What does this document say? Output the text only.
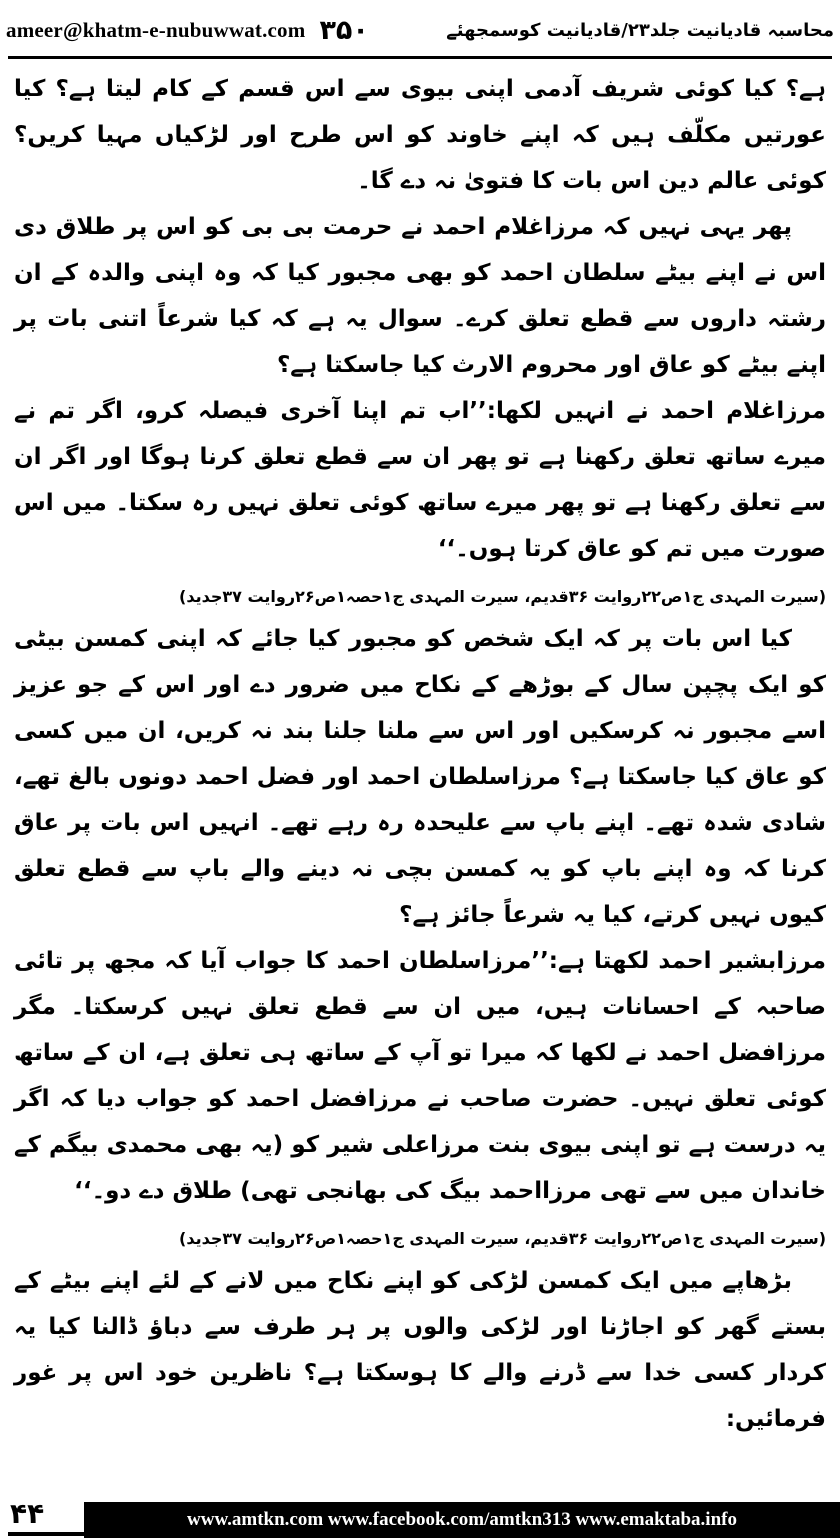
ameer@khatm-e-nubuwwat.com ۳۵۰	محاسبہ قادیانیت جلد۲۳/قادیانیت کوسمجھئے

ہے؟ کیا کوئی شریف آدمی اپنی بیوی سے اس قسم کے کام لیتا ہے؟ کیا عورتیں مکلّف ہیں کہ اپنے خاوند کو اس طرح اور لڑکیاں مہیا کریں؟ کوئی عالم دین اس بات کا فتویٰ نہ دے گا۔

پھر یہی نہیں کہ مرزاغلام احمد نے حرمت بی بی کو اس پر طلاق دی اس نے اپنے بیٹے سلطان احمد کو بھی مجبور کیا کہ وہ اپنی والدہ کے ان رشتہ داروں سے قطع تعلق کرے۔ سوال یہ ہے کہ کیا شرعاً اتنی بات پر اپنے بیٹے کو عاق اور محروم الارث کیا جاسکتا ہے؟

مرزاغلام احمد نے انہیں لکھا:’’اب تم اپنا آخری فیصلہ کرو، اگر تم نے میرے ساتھ تعلق رکھنا ہے تو پھر ان سے قطع تعلق کرنا ہوگا اور اگر ان سے تعلق رکھنا ہے تو پھر میرے ساتھ کوئی تعلق نہیں رہ سکتا۔ میں اس صورت میں تم کو عاق کرتا ہوں۔‘‘

(سیرت المہدی ج۱ص۲۲روایت ۳۶قدیم، سیرت المہدی ج۱حصہ۱ص۲۶روایت ۳۷جدید)

کیا اس بات پر کہ ایک شخص کو مجبور کیا جائے کہ اپنی کمسن بیٹی کو ایک پچپن سال کے بوڑھے کے نکاح میں ضرور دے اور اس کے جو عزیز اسے مجبور نہ کرسکیں اور اس سے ملنا جلنا بند نہ کریں، ان میں کسی کو عاق کیا جاسکتا ہے؟ مرزاسلطان احمد اور فضل احمد دونوں بالغ تھے، شادی شدہ تھے۔ اپنے باپ سے علیحدہ رہ رہے تھے۔ انہیں اس بات پر عاق کرنا کہ وہ اپنے باپ کو یہ کمسن بچی نہ دینے والے باپ سے قطع تعلق کیوں نہیں کرتے، کیا یہ شرعاً جائز ہے؟

مرزابشیر احمد لکھتا ہے:’’مرزاسلطان احمد کا جواب آیا کہ مجھ پر تائی صاحبہ کے احسانات ہیں، میں ان سے قطع تعلق نہیں کرسکتا۔ مگر مرزافضل احمد نے لکھا کہ میرا تو آپ کے ساتھ ہی تعلق ہے، ان کے ساتھ کوئی تعلق نہیں۔ حضرت صاحب نے مرزافضل احمد کو جواب دیا کہ اگر یہ درست ہے تو اپنی بیوی بنت مرزاعلی شیر کو (یہ بھی محمدی بیگم کے خاندان میں سے تھی مرزااحمد بیگ کی بھانجی تھی) طلاق دے دو۔‘‘

(سیرت المہدی ج۱ص۲۲روایت ۳۶قدیم، سیرت المہدی ج۱حصہ۱ص۲۶روایت ۳۷جدید)

بڑھاپے میں ایک کمسن لڑکی کو اپنے نکاح میں لانے کے لئے اپنے بیٹے کے بستے گھر کو اجاڑنا اور لڑکی والوں پر ہر طرف سے دباؤ ڈالنا کیا یہ کردار کسی خدا سے ڈرنے والے کا ہوسکتا ہے؟ ناظرین خود اس پر غور فرمائیں:

۴۴	www.amtkn.com www.facebook.com/amtkn313 www.emaktaba.info
